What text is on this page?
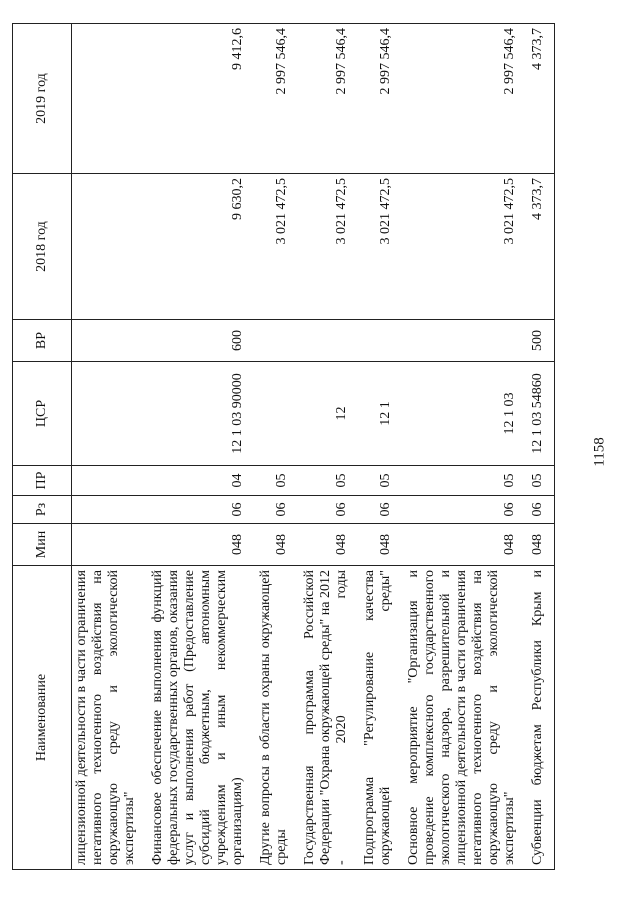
1158
Наименование	Мин	Рз	ПР	ЦСР	ВР	2018 год	2019 год
лицензионной деятельности в части ограничения негативного техногенного воздействия на окружающую среду и экологической экспертизы"							
Финансовое обеспечение выполнения функций федеральных государственных органов, оказания услуг и выполнения работ (Предоставление субсидий бюджетным, автономным учреждениям и иным некоммерческим организациям)	048	06	04	12 1 03 90000	600	9 630,2	9 412,6
Другие вопросы в области охраны окружающей среды	048	06	05			3 021 472,5	2 997 546,4
Государственная программа Российской Федерации "Охрана окружающей среды" на 2012 - 2020 годы	048	06	05	12		3 021 472,5	2 997 546,4
Подпрограмма "Регулирование качества окружающей среды"	048	06	05	12 1		3 021 472,5	2 997 546,4
Основное мероприятие "Организация и проведение комплексного государственного экологического надзора, разрешительной и лицензионной деятельности в части ограничения негативного техногенного воздействия на окружающую среду и экологической экспертизы"	048	06	05	12 1 03		3 021 472,5	2 997 546,4
Субвенции бюджетам Республики Крым и	048	06	05	12 1 03 54860	500	4 373,7	4 373,7
